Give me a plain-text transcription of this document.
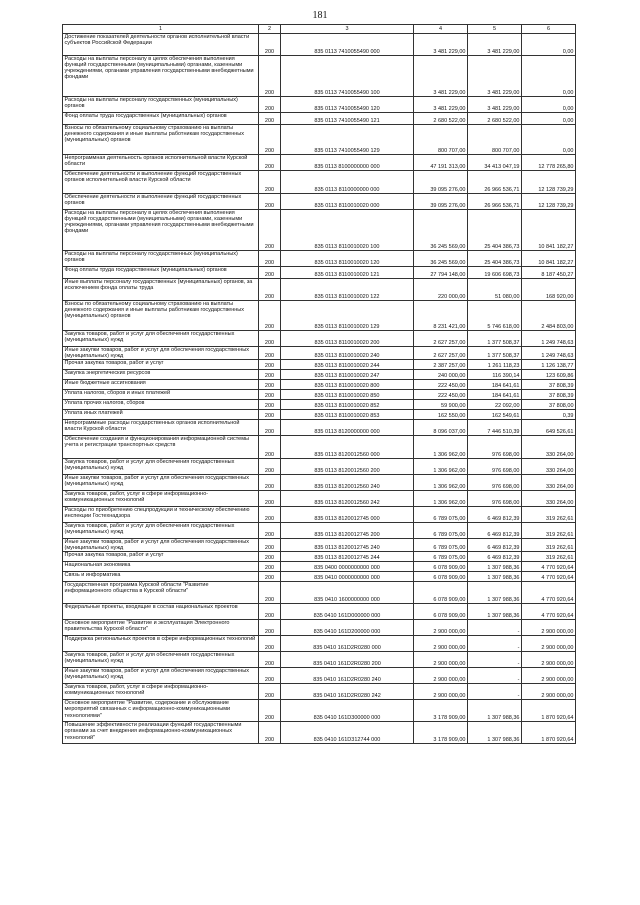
181
1	2	3	4	5	6
Достижение показателей деятельности органов исполнительной власти субъектов Российской Федерации	200	835 0113 7410055490 000	3 481 229,00	3 481 229,00	0,00
Расходы на выплаты персоналу в целях обеспечения выполнения функций государственными (муниципальными) органами, казенными учреждениями, органами управления государственными внебюджетными фондами	200	835 0113 7410055490 100	3 481 229,00	3 481 229,00	0,00
Расходы на выплаты персоналу государственных (муниципальных) органов	200	835 0113 7410055490 120	3 481 229,00	3 481 229,00	0,00
Фонд оплаты труда государственных (муниципальных) органов	200	835 0113 7410055490 121	2 680 522,00	2 680 522,00	0,00
Взносы по обязательному социальному страхованию на выплаты денежного содержания и иные выплаты работникам государственных (муниципальных) органов	200	835 0113 7410055490 129	800 707,00	800 707,00	0,00
Непрограммная деятельность органов исполнительной власти Курской области	200	835 0113 8100000000 000	47 191 313,00	34 413 047,19	12 778 265,80
Обеспечение деятельности и выполнение функций государственных органов исполнительной власти Курской области	200	835 0113 8110000000 000	39 095 276,00	26 966 536,71	12 128 739,29
Обеспечение деятельности и выполнение функций государственных органов	200	835 0113 8110010020 000	39 095 276,00	26 966 536,71	12 128 739,29
Расходы на выплаты персоналу в целях обеспечения выполнения функций государственными (муниципальными) органами, казенными учреждениями, органами управления государственными внебюджетными фондами	200	835 0113 8110010020 100	36 245 569,00	25 404 386,73	10 841 182,27
Расходы на выплаты персоналу государственных (муниципальных) органов	200	835 0113 8110010020 120	36 245 569,00	25 404 386,73	10 841 182,27
Фонд оплаты труда государственных (муниципальных) органов	200	835 0113 8110010020 121	27 794 148,00	19 606 698,73	8 187 450,27
Иные выплаты персоналу государственных (муниципальных) органов, за исключением фонда оплаты труда	200	835 0113 8110010020 122	220 000,00	51 080,00	168 920,00
Взносы по обязательному социальному страхованию на выплаты денежного содержания и иные выплаты работникам государственных (муниципальных) органов	200	835 0113 8110010020 129	8 231 421,00	5 746 618,00	2 484 803,00
Закупка товаров, работ и услуг для обеспечения государственных (муниципальных) нужд	200	835 0113 8110010020 200	2 627 257,00	1 377 508,37	1 249 748,63
Иные закупки товаров, работ и услуг для обеспечения государственных (муниципальных) нужд	200	835 0113 8110010020 240	2 627 257,00	1 377 508,37	1 249 748,63
Прочая закупка товаров, работ и услуг	200	835 0113 8110010020 244	2 387 257,00	1 261 118,23	1 126 138,77
Закупка энергетических ресурсов	200	835 0113 8110010020 247	240 000,00	116 390,14	123 609,86
Иные бюджетные ассигнования	200	835 0113 8110010020 800	222 450,00	184 641,61	37 808,39
Уплата налогов, сборов и иных платежей	200	835 0113 8110010020 850	222 450,00	184 641,61	37 808,39
Уплата прочих налогов, сборов	200	835 0113 8110010020 852	59 900,00	22 092,00	37 808,00
Уплата иных платежей	200	835 0113 8110010020 853	162 550,00	162 549,61	0,39
Непрограммные расходы государственных органов исполнительной власти Курской области	200	835 0113 8120000000 000	8 096 037,00	7 446 510,39	649 526,61
Обеспечение создания и функционирования информационной системы учета и регистрации транспортных средств	200	835 0113 8120012560 000	1 306 962,00	976 698,00	330 264,00
Закупка товаров, работ и услуг для обеспечения государственных (муниципальных) нужд	200	835 0113 8120012560 200	1 306 962,00	976 698,00	330 264,00
Иные закупки товаров, работ и услуг для обеспечения государственных (муниципальных) нужд	200	835 0113 8120012560 240	1 306 962,00	976 698,00	330 264,00
Закупка товаров, работ, услуг в сфере информационно-коммуникационных технологий	200	835 0113 8120012560 242	1 306 962,00	976 698,00	330 264,00
Расходы по приобретению спецпродукции и техническому обеспечению инспекции Гостехнадзора	200	835 0113 8120012745 000	6 789 075,00	6 469 812,39	319 262,61
Закупка товаров, работ и услуг для обеспечения государственных (муниципальных) нужд	200	835 0113 8120012745 200	6 789 075,00	6 469 812,39	319 262,61
Иные закупки товаров, работ и услуг для обеспечения государственных (муниципальных) нужд	200	835 0113 8120012745 240	6 789 075,00	6 469 812,39	319 262,61
Прочая закупка товаров, работ и услуг	200	835 0113 8120012745 244	6 789 075,00	6 469 812,39	319 262,61
Национальная экономика	200	835 0400 0000000000 000	6 078 909,00	1 307 988,36	4 770 920,64
Связь и информатика	200	835 0410 0000000000 000	6 078 909,00	1 307 988,36	4 770 920,64
Государственная программа Курской области "Развитие информационного общества в Курской области"	200	835 0410 1600000000 000	6 078 909,00	1 307 988,36	4 770 920,64
Федеральные проекты, входящие в состав национальных проектов	200	835 0410 161D000000 000	6 078 909,00	1 307 988,36	4 770 920,64
Основное мероприятие "Развитие и эксплуатация Электронного правительства Курской области"	200	835 0410 161D200000 000	2 900 000,00	-	2 900 000,00
Поддержка региональных проектов в сфере информационных технологий	200	835 0410 161D2R0280 000	2 900 000,00	-	2 900 000,00
Закупка товаров, работ и услуг для обеспечения государственных (муниципальных) нужд	200	835 0410 161D2R0280 200	2 900 000,00	-	2 900 000,00
Иные закупки товаров, работ и услуг для обеспечения государственных (муниципальных) нужд	200	835 0410 161D2R0280 240	2 900 000,00	-	2 900 000,00
Закупка товаров, работ, услуг в сфере информационно-коммуникационных технологий	200	835 0410 161D2R0280 242	2 900 000,00	-	2 900 000,00
Основное мероприятие "Развитие, содержание и обслуживание мероприятий связанных с информационно-коммуникационными технологиями"	200	835 0410 161D300000 000	3 178 909,00	1 307 988,36	1 870 920,64
Повышение эффективности реализации функций государственными органами за счет внедрения информационно-коммуникационных технологий"	200	835 0410 161D312744 000	3 178 909,00	1 307 988,36	1 870 920,64
